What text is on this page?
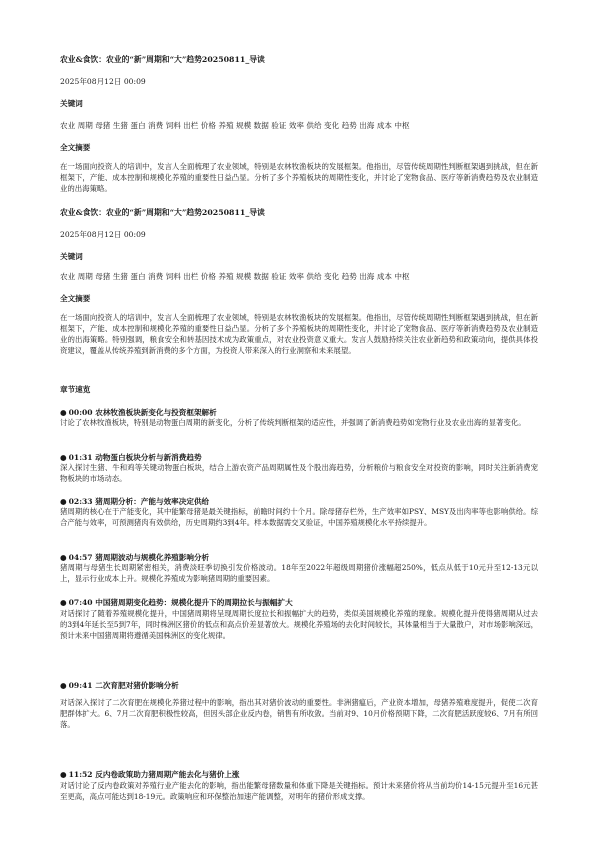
农业&食饮：农业的“新”周期和“大”趋势20250811_导读
2025年08月12日 00:09
关键词
农业 周期 母猪 生猪 蛋白 消费 饲料 出栏 价格 养殖 规模 数据 验证 效率 供给 变化 趋势 出海 成本 中枢
全文摘要
在一场面向投资人的培训中，发言人全面梳理了农业领域，特别是农林牧渔板块的发展框架。他指出，尽管传统周期性判断框架遇到挑战，但在新框架下，产能、成本控制和规模化养殖的重要性日益凸显。分析了多个养殖板块的周期性变化，并讨论了宠物食品、医疗等新消费趋势及农业制造业的出海策略。
农业&食饮：农业的“新”周期和“大”趋势20250811_导读
2025年08月12日 00:09
关键词
农业 周期 母猪 生猪 蛋白 消费 饲料 出栏 价格 养殖 规模 数据 验证 效率 供给 变化 趋势 出海 成本 中枢
全文摘要
在一场面向投资人的培训中，发言人全面梳理了农业领域，特别是农林牧渔板块的发展框架。他指出，尽管传统周期性判断框架遇到挑战，但在新框架下，产能、成本控制和规模化养殖的重要性日益凸显。分析了多个养殖板块的周期性变化，并讨论了宠物食品、医疗等新消费趋势及农业制造业的出海策略。特别强调，粮食安全和转基因技术成为政策重点，对农业投资意义重大。发言人鼓励持续关注农业新趋势和政策动向，提供具体投资建议，覆盖从传统养殖到新消费的多个方面，为投资人带来深入的行业洞察和未来展望。
章节速览
● 00:00 农林牧渔板块新变化与投资框架解析
讨论了农林牧渔板块，特别是动物蛋白周期的新变化，分析了传统判断框架的适应性，并强调了新消费趋势如宠物行业及农业出海的显著变化。
● 01:31 动物蛋白板块分析与新消费趋势
深入探讨生猪、牛和鸡等关键动物蛋白板块，结合上游农资产品周期属性及个股出海趋势，分析粮价与粮食安全对投资的影响，同时关注新消费宠物板块的市场动态。
● 02:33 猪周期分析：产能与效率决定供给
猪周期的核心在于产能变化，其中能繁母猪是最关键指标，前瞻时间约十个月。除母猪存栏外，生产效率如PSY、MSY及出肉率等也影响供给。综合产能与效率，可预测猪肉有效供给，历史周期约3到4年。样本数据需交叉验证，中国养殖规模化水平持续提升。
● 04:57 猪周期波动与规模化养殖影响分析
猪周期与母猪生长周期紧密相关，消费淡旺季切换引发价格波动。18年至2022年超级周期猪价涨幅超250%，低点从低于10元升至12-13元以上，显示行业成本上升。规模化养殖成为影响猪周期的重要因素。
● 07:40 中国猪周期变化趋势：规模化提升下的周期拉长与振幅扩大
对话探讨了随着养殖规模化提升，中国猪周期将呈现周期长度拉长和振幅扩大的趋势，类似美国规模化养殖的现象。规模化提升使得猪周期从过去的3到4年延长至5到7年，同时株洲区猪价的低点和高点价差显著放大。规模化养殖场的去化时间较长，其体量相当于大量散户，对市场影响深远，预计未来中国猪周期将遵循美国株洲区的变化规律。
● 09:41 二次育肥对猪价影响分析
对话深入探讨了二次育肥在规模化养猪过程中的影响，指出其对猪价波动的重要性。非洲猪瘟后，产业资本增加，母猪养殖难度提升，促使二次育肥群体扩大。6、7月二次育肥积极性较高，但因头部企业反内卷，销售有所收敛。当前对9、10月价格预期下降，二次育肥活跃度较6、7月有所回落。
● 11:52 反内卷政策助力猪周期产能去化与猪价上涨
对话讨论了反内卷政策对养殖行业产能去化的影响，指出能繁母猪数量和体重下降是关键指标。预计未来猪价将从当前均价14-15元提升至16元甚至更高，高点可能达到18-19元。政策响应和环保整治加速产能调整，对明年的猪价形成支撑。
